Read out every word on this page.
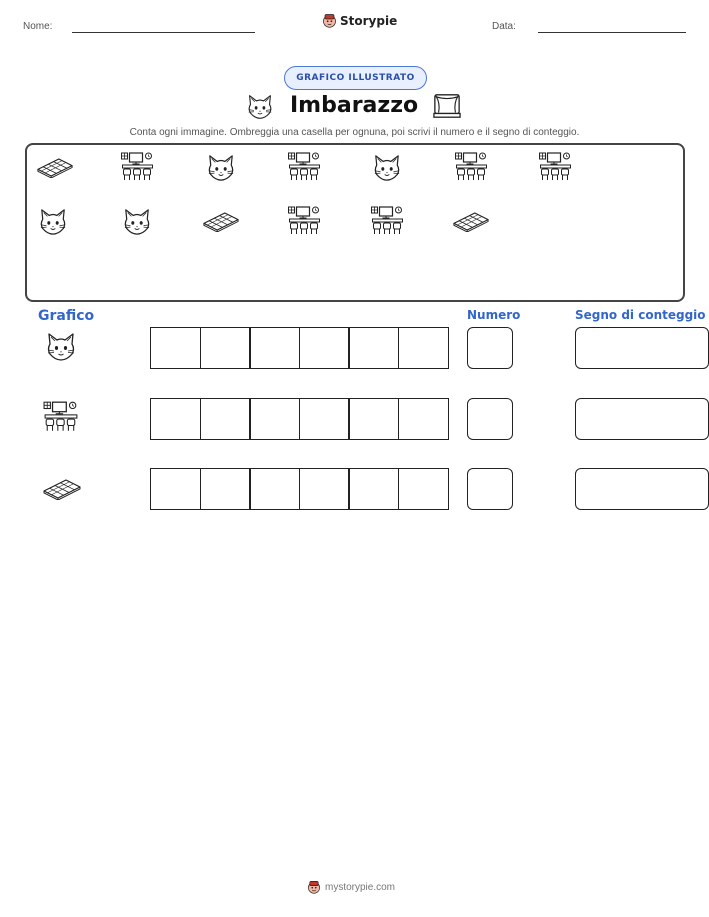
Nome:	Storypie	Data:
GRAFICO ILLUSTRATO
Imbarazzo
Conta ogni immagine. Ombreggia una casella per ognuna, poi scrivi il numero e il segno di conteggio.
Grafico	Numero	Segno di conteggio
mystorypie.com
